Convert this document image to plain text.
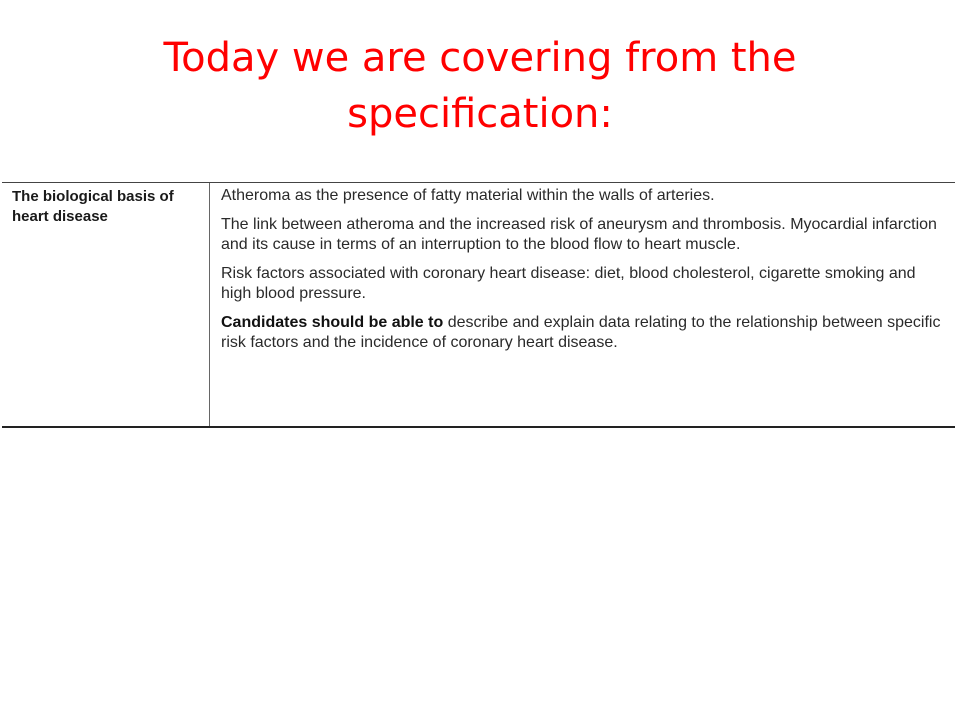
Today we are covering from the specification:
The biological basis of heart disease

Atheroma as the presence of fatty material within the walls of arteries.

The link between atheroma and the increased risk of aneurysm and thrombosis. Myocardial infarction and its cause in terms of an interruption to the blood flow to heart muscle.

Risk factors associated with coronary heart disease: diet, blood cholesterol, cigarette smoking and high blood pressure.

Candidates should be able to describe and explain data relating to the relationship between specific risk factors and the incidence of coronary heart disease.
